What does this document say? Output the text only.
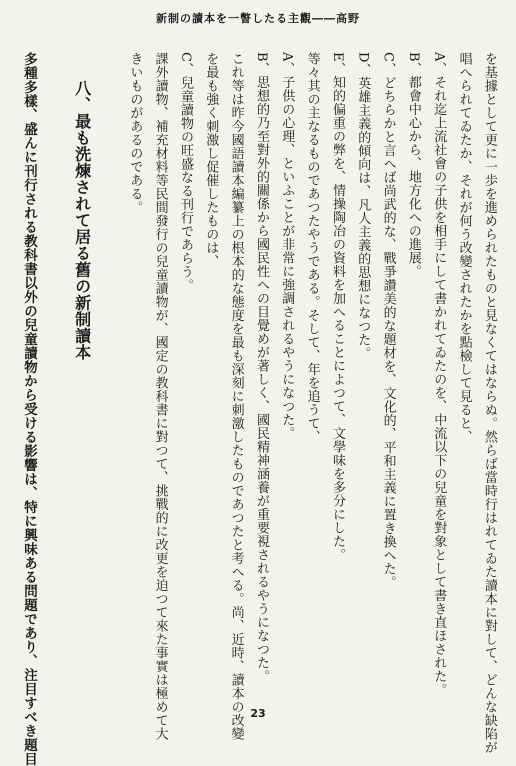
新制の讀本を一瞥したる主觀――高野
を基據として更に一歩を進められたものと見なくてはならぬ。然らば當時行はれてゐた讀本に對して、どんな缺陷が
唱へられてゐたか、それが何う改變されたかを點檢して見ると、
A、それ迄上流社會の子供を相手にして書かれてゐたのを、中流以下の兒童を對象として書き直ほされた。
B、都會中心から、地方化への進展。
C、どちらかと言へば尚武的な、戰爭讚美的な題材を、文化的、平和主義に置き換へた。
D、英雄主義的傾向は、凡人主義的思想になつた。
E、知的偏重の弊を、情操陶冶の資料を加へることによつて、文學味を多分にした。
等々其の主なるものであつたやうである。そして、年を追うて、
A、子供の心理、といふことが非常に強調されるやうになつた。
B、思想的乃至對外的關係から國民性への目覺めが著しく、國民精神涵養が重要視されるやうになつた。
これ等は昨今國語讀本編纂上の根本的な態度を最も深刻に刺激したものであつたと考へる。尚、近時、讀本の改變
を最も強く刺激し促催したものは、
C、兒童讀物の旺盛なる刊行であらう。
課外讀物、補充材料等民間發行の兒童讀物が、國定の教科書に對つて、挑戰的に改更を迫つて來た事實は極めて大
きいものがあるのである。
八、最も洗煉されて居る舊の新制讀本
多種多樣、盛んに刊行される教科書以外の兒童讀物から受ける影響は、特に興味ある問題であり、注目すべき題目	23
